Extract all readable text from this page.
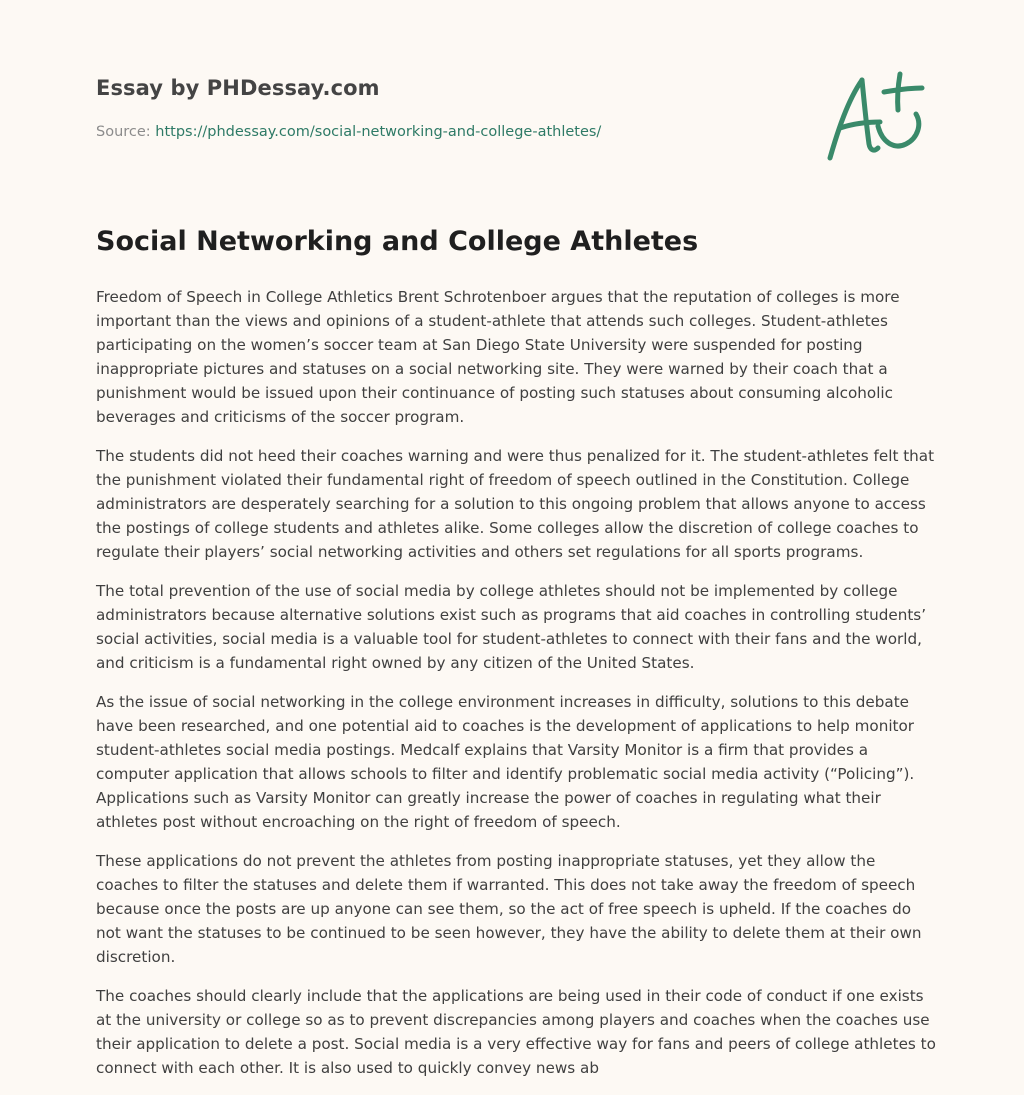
Essay by PHDessay.com
Source: https://phdessay.com/social-networking-and-college-athletes/
Social Networking and College Athletes

Freedom of Speech in College Athletics Brent Schrotenboer argues that the reputation of colleges is more important than the views and opinions of a student-athlete that attends such colleges. Student-athletes participating on the women’s soccer team at San Diego State University were suspended for posting inappropriate pictures and statuses on a social networking site. They were warned by their coach that a punishment would be issued upon their continuance of posting such statuses about consuming alcoholic beverages and criticisms of the soccer program.

The students did not heed their coaches warning and were thus penalized for it. The student-athletes felt that the punishment violated their fundamental right of freedom of speech outlined in the Constitution. College administrators are desperately searching for a solution to this ongoing problem that allows anyone to access the postings of college students and athletes alike. Some colleges allow the discretion of college coaches to regulate their players’ social networking activities and others set regulations for all sports programs.

The total prevention of the use of social media by college athletes should not be implemented by college administrators because alternative solutions exist such as programs that aid coaches in controlling students’ social activities, social media is a valuable tool for student-athletes to connect with their fans and the world, and criticism is a fundamental right owned by any citizen of the United States.

As the issue of social networking in the college environment increases in difficulty, solutions to this debate have been researched, and one potential aid to coaches is the development of applications to help monitor student-athletes social media postings. Medcalf explains that Varsity Monitor is a firm that provides a computer application that allows schools to filter and identify problematic social media activity (“Policing”). Applications such as Varsity Monitor can greatly increase the power of coaches in regulating what their athletes post without encroaching on the right of freedom of speech.

These applications do not prevent the athletes from posting inappropriate statuses, yet they allow the coaches to filter the statuses and delete them if warranted. This does not take away the freedom of speech because once the posts are up anyone can see them, so the act of free speech is upheld. If the coaches do not want the statuses to be continued to be seen however, they have the ability to delete them at their own discretion.

The coaches should clearly include that the applications are being used in their code of conduct if one exists at the university or college so as to prevent discrepancies among players and coaches when the coaches use their application to delete a post. Social media is a very effective way for fans and peers of college athletes to connect with each other. It is also used to quickly convey news ab
